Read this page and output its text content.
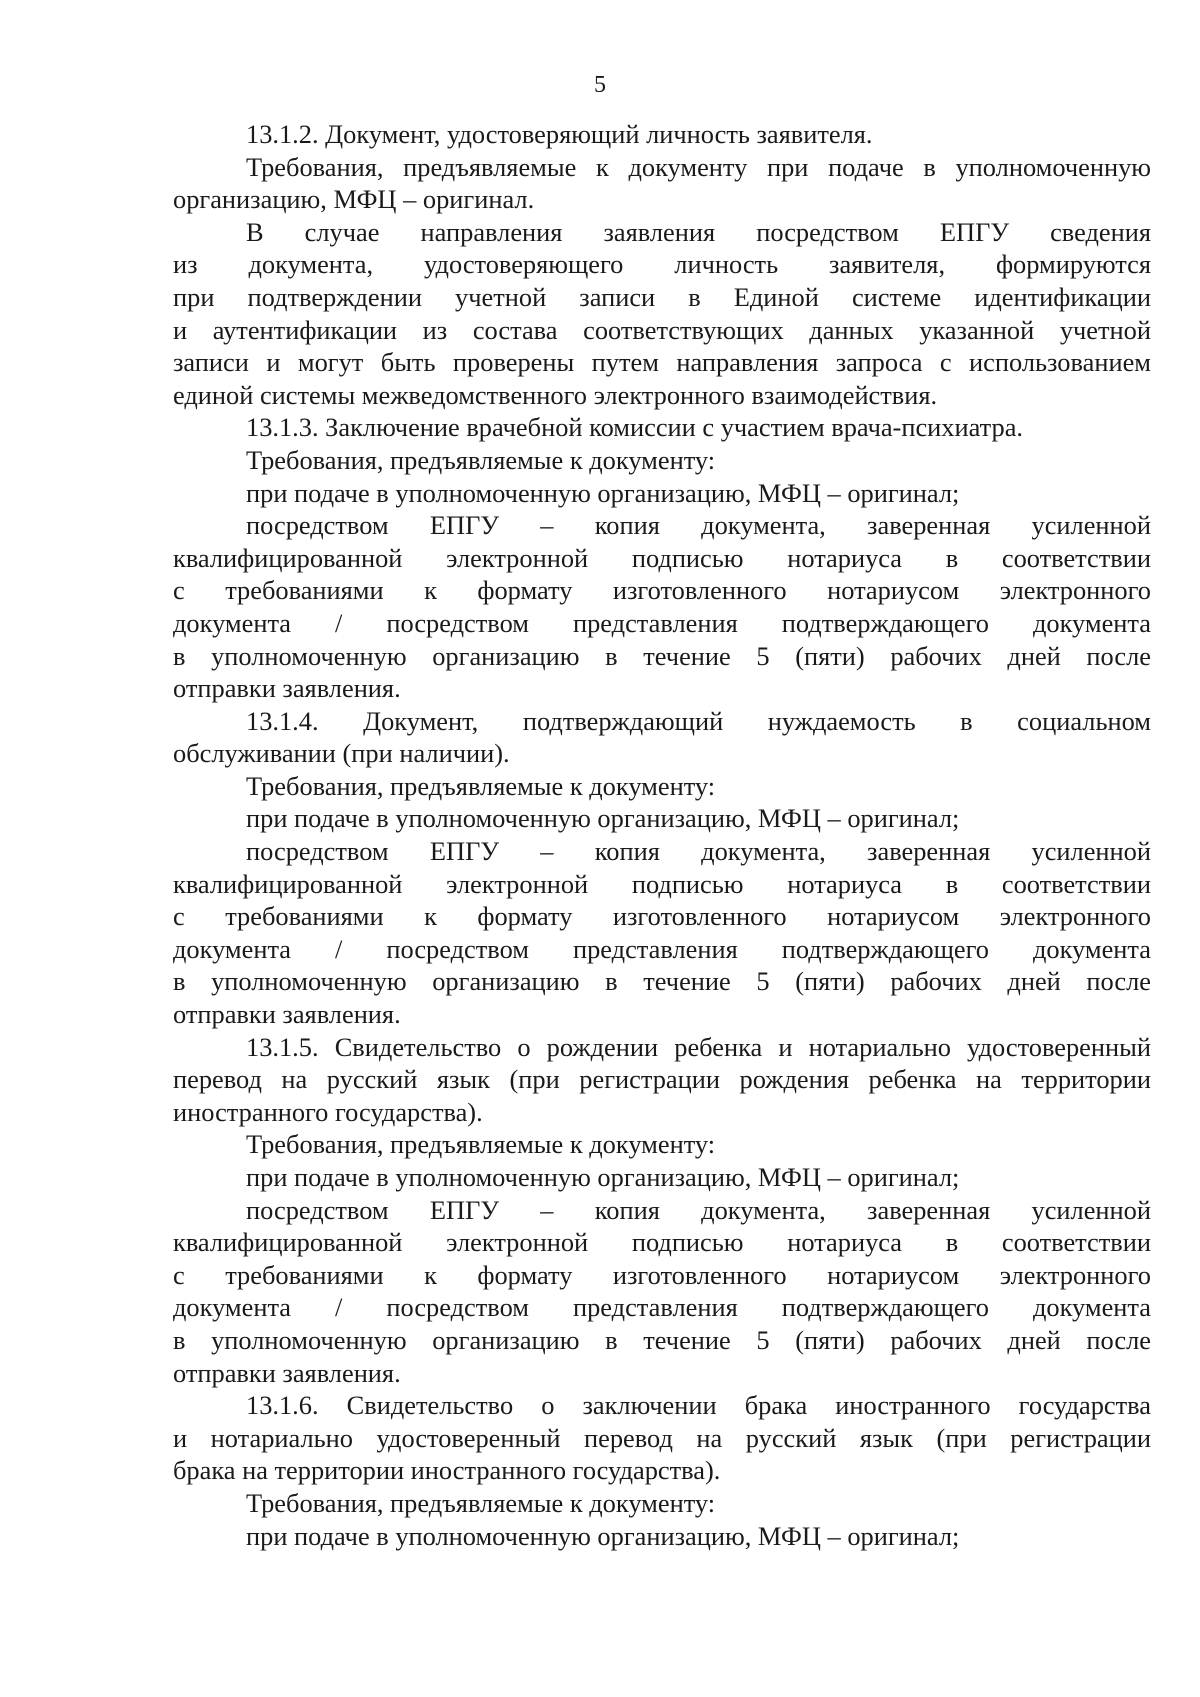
5
13.1.2. Документ, удостоверяющий личность заявителя.
Требования, предъявляемые к документу при подаче в уполномоченную
организацию, МФЦ – оригинал.
В случае направления заявления посредством ЕПГУ сведения
из документа, удостоверяющего личность заявителя, формируются
при подтверждении учетной записи в Единой системе идентификации
и аутентификации из состава соответствующих данных указанной учетной
записи и могут быть проверены путем направления запроса с использованием
единой системы межведомственного электронного взаимодействия.
13.1.3. Заключение врачебной комиссии с участием врача-психиатра.
Требования, предъявляемые к документу:
при подаче в уполномоченную организацию, МФЦ – оригинал;
посредством ЕПГУ – копия документа, заверенная усиленной
квалифицированной электронной подписью нотариуса в соответствии
с требованиями к формату изготовленного нотариусом электронного
документа / посредством представления подтверждающего документа
в уполномоченную организацию в течение 5 (пяти) рабочих дней после
отправки заявления.
13.1.4. Документ, подтверждающий нуждаемость в социальном
обслуживании (при наличии).
Требования, предъявляемые к документу:
при подаче в уполномоченную организацию, МФЦ – оригинал;
посредством ЕПГУ – копия документа, заверенная усиленной
квалифицированной электронной подписью нотариуса в соответствии
с требованиями к формату изготовленного нотариусом электронного
документа / посредством представления подтверждающего документа
в уполномоченную организацию в течение 5 (пяти) рабочих дней после
отправки заявления.
13.1.5. Свидетельство о рождении ребенка и нотариально удостоверенный
перевод на русский язык (при регистрации рождения ребенка на территории
иностранного государства).
Требования, предъявляемые к документу:
при подаче в уполномоченную организацию, МФЦ – оригинал;
посредством ЕПГУ – копия документа, заверенная усиленной
квалифицированной электронной подписью нотариуса в соответствии
с требованиями к формату изготовленного нотариусом электронного
документа / посредством представления подтверждающего документа
в уполномоченную организацию в течение 5 (пяти) рабочих дней после
отправки заявления.
13.1.6. Свидетельство о заключении брака иностранного государства
и нотариально удостоверенный перевод на русский язык (при регистрации
брака на территории иностранного государства).
Требования, предъявляемые к документу:
при подаче в уполномоченную организацию, МФЦ – оригинал;
